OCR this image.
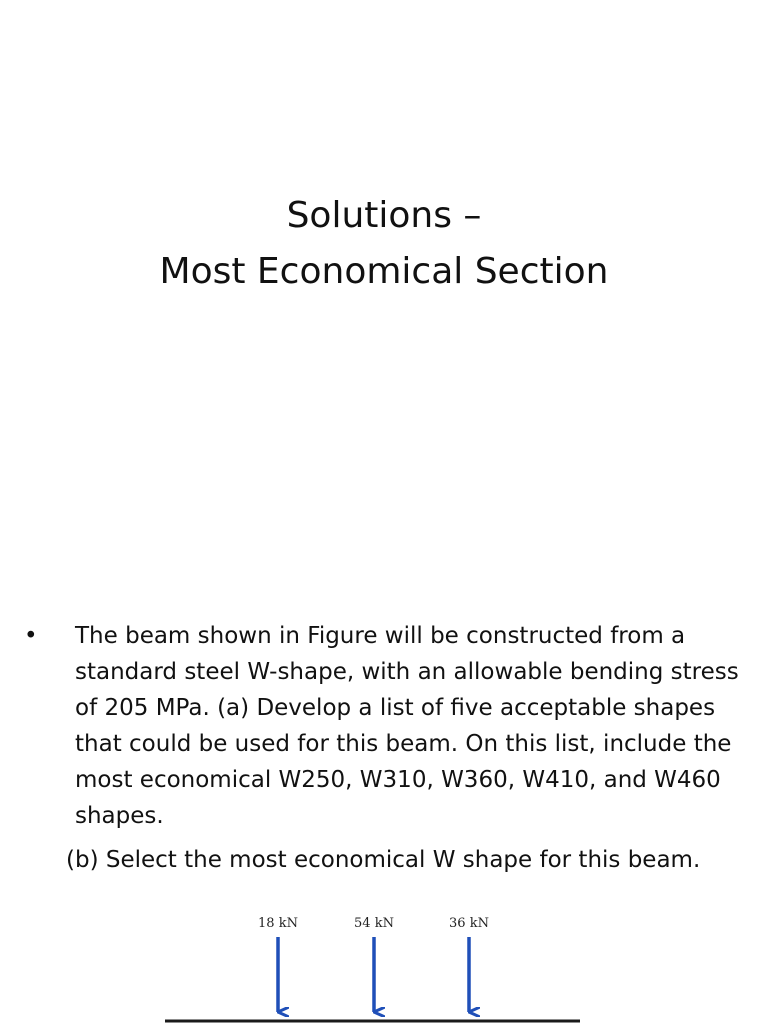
Solutions –
Most Economical Section
•	The beam shown in Figure will be constructed from a standard steel W-shape, with an allowable bending stress of 205 MPa. (a) Develop a list of five acceptable shapes that could be used for this beam. On this list, include the most economical W250, W310, W360, W410, and W460 shapes.
(b) Select the most economical W shape for this beam.
18 kN	54 kN	36 kN
